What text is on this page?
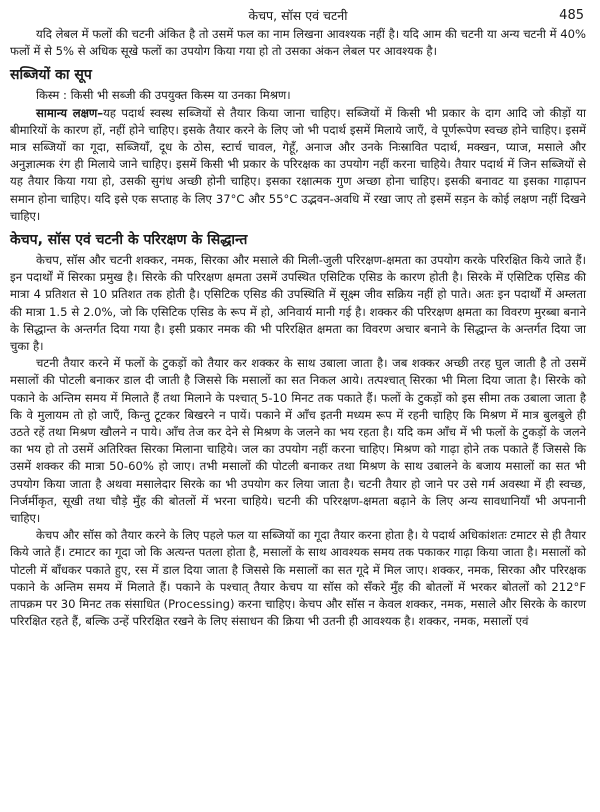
केचप, सॉस एवं चटनी	485

यदि लेबल में फलों की चटनी अंकित है तो उसमें फल का नाम लिखना आवश्यक नहीं है। यदि आम की चटनी या अन्य चटनी में 40% फलों में से 5% से अधिक सूखे फलों का उपयोग किया गया हो तो उसका अंकन लेबल पर आवश्यक है।

सब्जियों का सूप

किस्म : किसी भी सब्जी की उपयुक्त किस्म या उनका मिश्रण।

सामान्य लक्षण–यह पदार्थ स्वस्थ सब्जियों से तैयार किया जाना चाहिए। सब्जियों में किसी भी प्रकार के दाग आदि जो कीड़ों या बीमारियों के कारण हों, नहीं होने चाहिए। इसके तैयार करने के लिए जो भी पदार्थ इसमें मिलाये जाएँ, वे पूर्णरूपेण स्वच्छ होने चाहिए। इसमें मात्र सब्जियों का गूदा, सब्जियाँ, दूध के ठोस, स्टार्च चावल, गेहूँ, अनाज और उनके निःस्रावित पदार्थ, मक्खन, प्याज, मसाले और अनुज्ञात्मक रंग ही मिलाये जाने चाहिए। इसमें किसी भी प्रकार के परिरक्षक का उपयोग नहीं करना चाहिये। तैयार पदार्थ में जिन सब्जियों से यह तैयार किया गया हो, उसकी सुगंध अच्छी होनी चाहिए। इसका रक्षात्मक गुण अच्छा होना चाहिए। इसकी बनावट या इसका गाढ़ापन समान होना चाहिए। यदि इसे एक सप्ताह के लिए 37°C और 55°C उद्भवन-अवधि में रखा जाए तो इसमें सड़न के कोई लक्षण नहीं दिखने चाहिए।

केचप, सॉस एवं चटनी के परिरक्षण के सिद्धान्त

केचप, सॉस और चटनी शक्कर, नमक, सिरका और मसाले की मिली-जुली परिरक्षण-क्षमता का उपयोग करके परिरक्षित किये जाते हैं। इन पदार्थों में सिरका प्रमुख है। सिरके की परिरक्षण क्षमता उसमें उपस्थित एसिटिक एसिड के कारण होती है। सिरके में एसिटिक एसिड की मात्रा 4 प्रतिशत से 10 प्रतिशत तक होती है। एसिटिक एसिड की उपस्थिति में सूक्ष्म जीव सक्रिय नहीं हो पाते। अतः इन पदार्थों में अम्लता की मात्रा 1.5 से 2.0%, जो कि एसिटिक एसिड के रूप में हो, अनिवार्य मानी गई है। शक्कर की परिरक्षण क्षमता का विवरण मुरब्बा बनाने के सिद्धान्त के अन्तर्गत दिया गया है। इसी प्रकार नमक की भी परिरक्षित क्षमता का विवरण अचार बनाने के सिद्धान्त के अन्तर्गत दिया जा चुका है।

चटनी तैयार करने में फलों के टुकड़ों को तैयार कर शक्कर के साथ उबाला जाता है। जब शक्कर अच्छी तरह घुल जाती है तो उसमें मसालों की पोटली बनाकर डाल दी जाती है जिससे कि मसालों का सत निकल आये। तत्पश्चात् सिरका भी मिला दिया जाता है। सिरके को पकाने के अन्तिम समय में मिलाते हैं तथा मिलाने के पश्चात् 5-10 मिनट तक पकाते हैं। फलों के टुकड़ों को इस सीमा तक उबाला जाता है कि वे मुलायम तो हो जाएँ, किन्तु टूटकर बिखरने न पायें। पकाने में आँच इतनी मध्यम रूप में रहनी चाहिए कि मिश्रण में मात्र बुलबुले ही उठते रहें तथा मिश्रण खौलने न पाये। आँच तेज कर देने से मिश्रण के जलने का भय रहता है। यदि कम आँच में भी फलों के टुकड़ों के जलने का भय हो तो उसमें अतिरिक्त सिरका मिलाना चाहिये। जल का उपयोग नहीं करना चाहिए। मिश्रण को गाढ़ा होने तक पकाते हैं जिससे कि उसमें शक्कर की मात्रा 50-60% हो जाए। तभी मसालों की पोटली बनाकर तथा मिश्रण के साथ उबालने के बजाय मसालों का सत भी उपयोग किया जाता है अथवा मसालेदार सिरके का भी उपयोग कर लिया जाता है। चटनी तैयार हो जाने पर उसे गर्म अवस्था में ही स्वच्छ, निर्जर्मीकृत, सूखी तथा चौड़े मुँह की बोतलों में भरना चाहिये। चटनी की परिरक्षण-क्षमता बढ़ाने के लिए अन्य सावधानियाँ भी अपनानी चाहिए।

केचप और सॉस को तैयार करने के लिए पहले फल या सब्जियों का गूदा तैयार करना होता है। ये पदार्थ अधिकांशतः टमाटर से ही तैयार किये जाते हैं। टमाटर का गूदा जो कि अत्यन्त पतला होता है, मसालों के साथ आवश्यक समय तक पकाकर गाढ़ा किया जाता है। मसालों को पोटली में बाँधकर पकाते हुए, रस में डाल दिया जाता है जिससे कि मसालों का सत गूदे में मिल जाए। शक्कर, नमक, सिरका और परिरक्षक पकाने के अन्तिम समय में मिलाते हैं। पकाने के पश्चात् तैयार केचप या सॉस को सँकरे मुँह की बोतलों में भरकर बोतलों को 212°F तापक्रम पर 30 मिनट तक संसाधित (Processing) करना चाहिए। केचप और सॉस न केवल शक्कर, नमक, मसाले और सिरके के कारण परिरक्षित रहते हैं, बल्कि उन्हें परिरक्षित रखने के लिए संसाधन की क्रिया भी उतनी ही आवश्यक है। शक्कर, नमक, मसालों एवं
